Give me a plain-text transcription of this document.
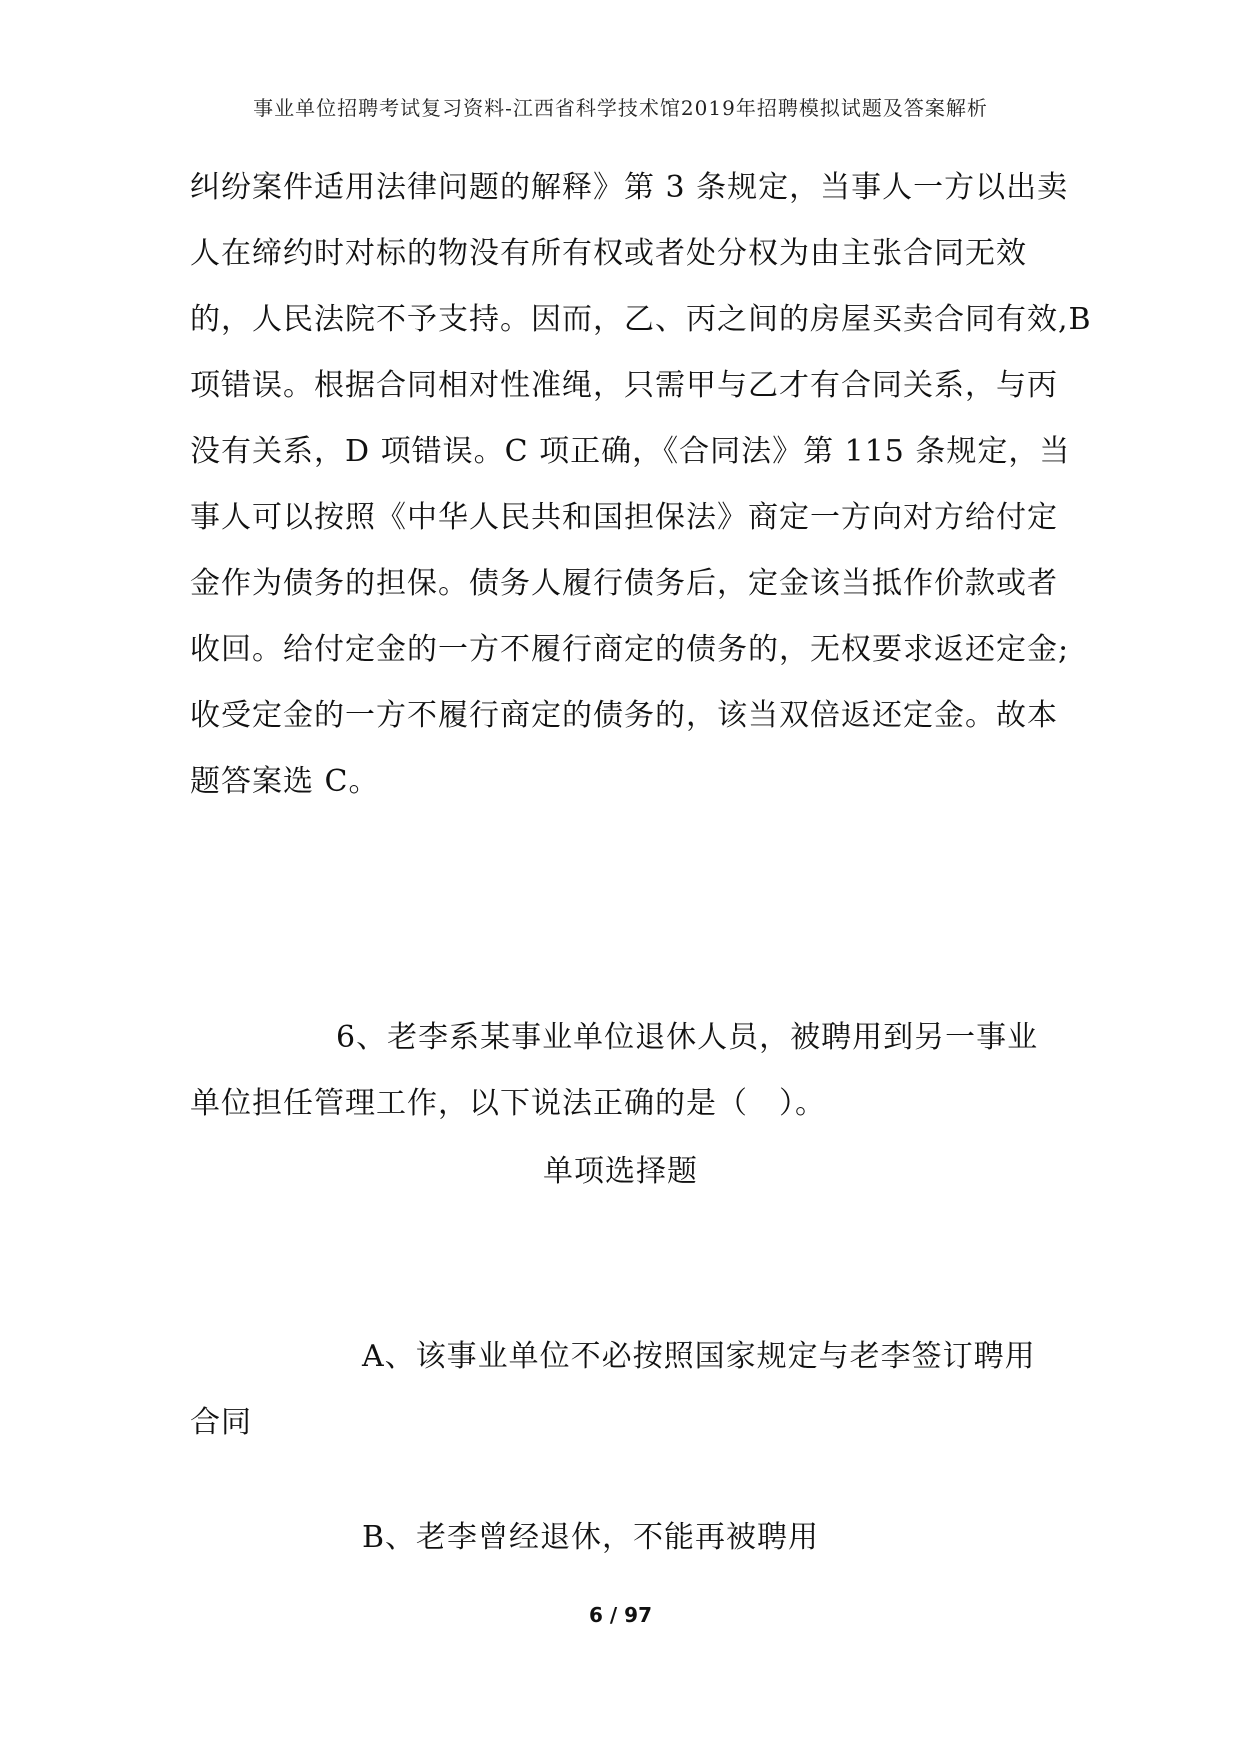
事业单位招聘考试复习资料-江西省科学技术馆2019年招聘模拟试题及答案解析
纠纷案件适用法律问题的解释》第 3 条规定，当事人一方以出卖
人在缔约时对标的物没有所有权或者处分权为由主张合同无效
的，人民法院不予支持。因而，乙、丙之间的房屋买卖合同有效,B
项错误。根据合同相对性准绳，只需甲与乙才有合同关系，与丙
没有关系，D 项错误。C 项正确，《合同法》第 115 条规定，当
事人可以按照《中华人民共和国担保法》商定一方向对方给付定
金作为债务的担保。债务人履行债务后，定金该当抵作价款或者
收回。给付定金的一方不履行商定的债务的，无权要求返还定金;
收受定金的一方不履行商定的债务的，该当双倍返还定金。故本
题答案选 C。
6、老李系某事业单位退休人员，被聘用到另一事业
单位担任管理工作，以下说法正确的是（　）。
单项选择题
A、该事业单位不必按照国家规定与老李签订聘用
合同
B、老李曾经退休，不能再被聘用
6 / 97
